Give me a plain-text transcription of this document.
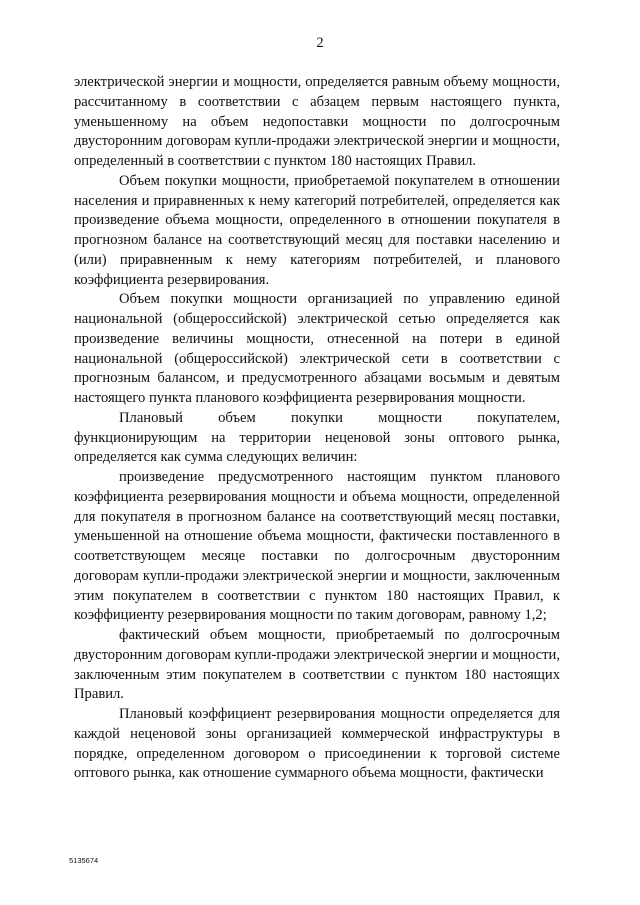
2

электрической энергии и мощности, определяется равным объему мощности, рассчитанному в соответствии с абзацем первым настоящего пункта, уменьшенному на объем недопоставки мощности по долгосрочным двусторонним договорам купли-продажи электрической энергии и мощности, определенный в соответствии с пунктом 180 настоящих Правил.

Объем покупки мощности, приобретаемой покупателем в отношении населения и приравненных к нему категорий потребителей, определяется как произведение объема мощности, определенного в отношении покупателя в прогнозном балансе на соответствующий месяц для поставки населению и (или) приравненным к нему категориям потребителей, и планового коэффициента резервирования.

Объем покупки мощности организацией по управлению единой национальной (общероссийской) электрической сетью определяется как произведение величины мощности, отнесенной на потери в единой национальной (общероссийской) электрической сети в соответствии с прогнозным балансом, и предусмотренного абзацами восьмым и девятым настоящего пункта планового коэффициента резервирования мощности.

Плановый объем покупки мощности покупателем, функционирующим на территории неценовой зоны оптового рынка, определяется как сумма следующих величин:

произведение предусмотренного настоящим пунктом планового коэффициента резервирования мощности и объема мощности, определенной для покупателя в прогнозном балансе на соответствующий месяц поставки, уменьшенной на отношение объема мощности, фактически поставленного в соответствующем месяце поставки по долгосрочным двусторонним договорам купли-продажи электрической энергии и мощности, заключенным этим покупателем в соответствии с пунктом 180 настоящих Правил, к коэффициенту резервирования мощности по таким договорам, равному 1,2;

фактический объем мощности, приобретаемый по долгосрочным двусторонним договорам купли-продажи электрической энергии и мощности, заключенным этим покупателем в соответствии с пунктом 180 настоящих Правил.

Плановый коэффициент резервирования мощности определяется для каждой неценовой зоны организацией коммерческой инфраструктуры в порядке, определенном договором о присоединении к торговой системе оптового рынка, как отношение суммарного объема мощности, фактически

5135674
